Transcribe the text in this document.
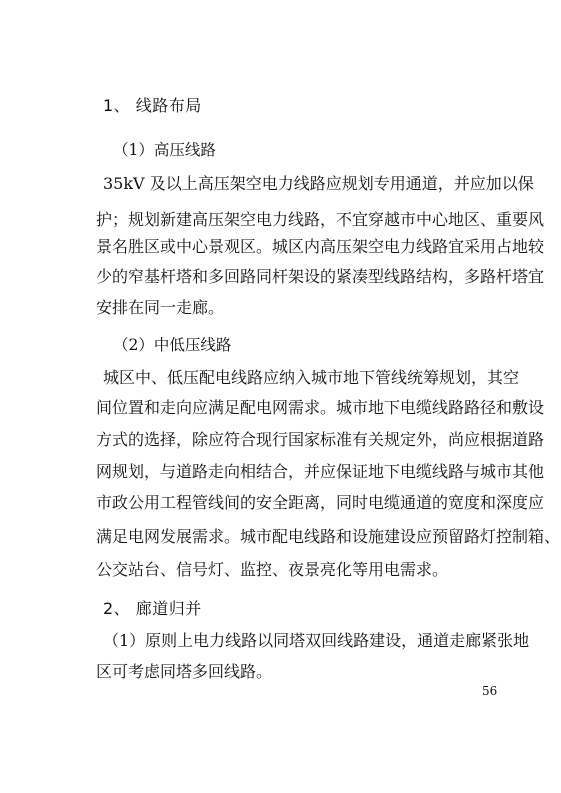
1、 线路布局
（1）高压线路
35kV 及以上高压架空电力线路应规划专用通道，并应加以保
护；规划新建高压架空电力线路，不宜穿越市中心地区、重要风
景名胜区或中心景观区。城区内高压架空电力线路宜采用占地较
少的窄基杆塔和多回路同杆架设的紧凑型线路结构，多路杆塔宜
安排在同一走廊。
（2）中低压线路
城区中、低压配电线路应纳入城市地下管线统筹规划，其空
间位置和走向应满足配电网需求。城市地下电缆线路路径和敷设
方式的选择，除应符合现行国家标准有关规定外，尚应根据道路
网规划，与道路走向相结合，并应保证地下电缆线路与城市其他
市政公用工程管线间的安全距离，同时电缆通道的宽度和深度应
满足电网发展需求。城市配电线路和设施建设应预留路灯控制箱、
公交站台、信号灯、监控、夜景亮化等用电需求。
2、 廊道归并
（1）原则上电力线路以同塔双回线路建设，通道走廊紧张地
区可考虑同塔多回线路。
56
